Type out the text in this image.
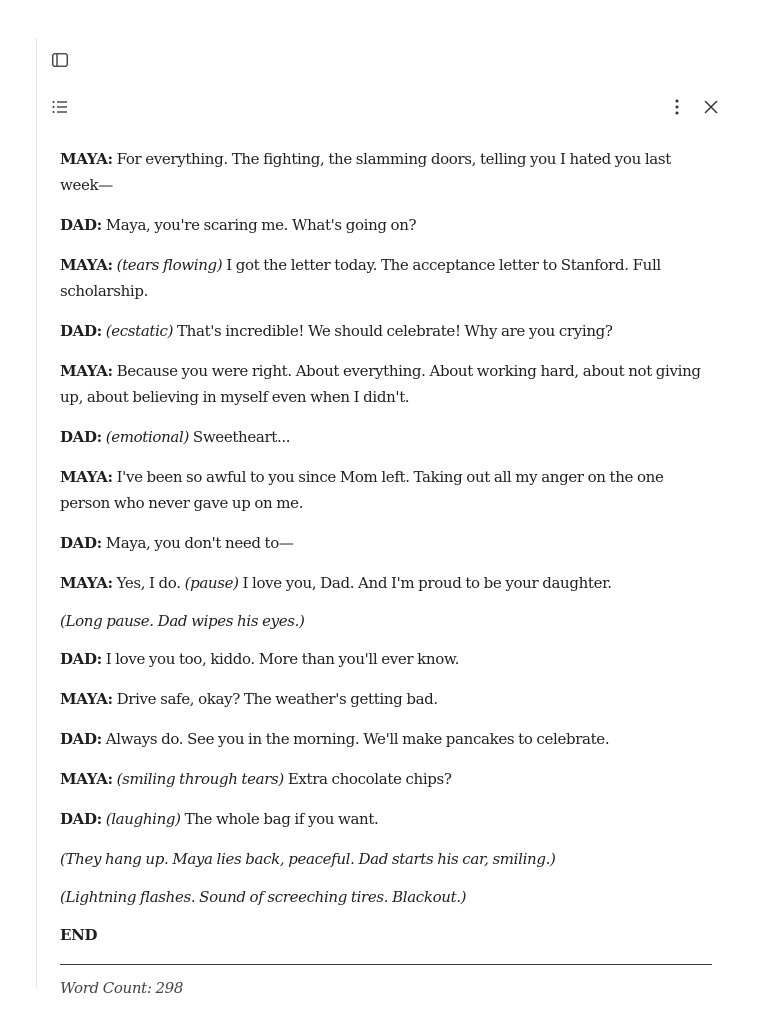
MAYA: For everything. The fighting, the slamming doors, telling you I hated you last week—

DAD: Maya, you're scaring me. What's going on?

MAYA: (tears flowing) I got the letter today. The acceptance letter to Stanford. Full scholarship.

DAD: (ecstatic) That's incredible! We should celebrate! Why are you crying?

MAYA: Because you were right. About everything. About working hard, about not giving up, about believing in myself even when I didn't.

DAD: (emotional) Sweetheart...

MAYA: I've been so awful to you since Mom left. Taking out all my anger on the one person who never gave up on me.

DAD: Maya, you don't need to—

MAYA: Yes, I do. (pause) I love you, Dad. And I'm proud to be your daughter.

(Long pause. Dad wipes his eyes.)

DAD: I love you too, kiddo. More than you'll ever know.

MAYA: Drive safe, okay? The weather's getting bad.

DAD: Always do. See you in the morning. We'll make pancakes to celebrate.

MAYA: (smiling through tears) Extra chocolate chips?

DAD: (laughing) The whole bag if you want.

(They hang up. Maya lies back, peaceful. Dad starts his car, smiling.)

(Lightning flashes. Sound of screeching tires. Blackout.)

END

Word Count: 298
